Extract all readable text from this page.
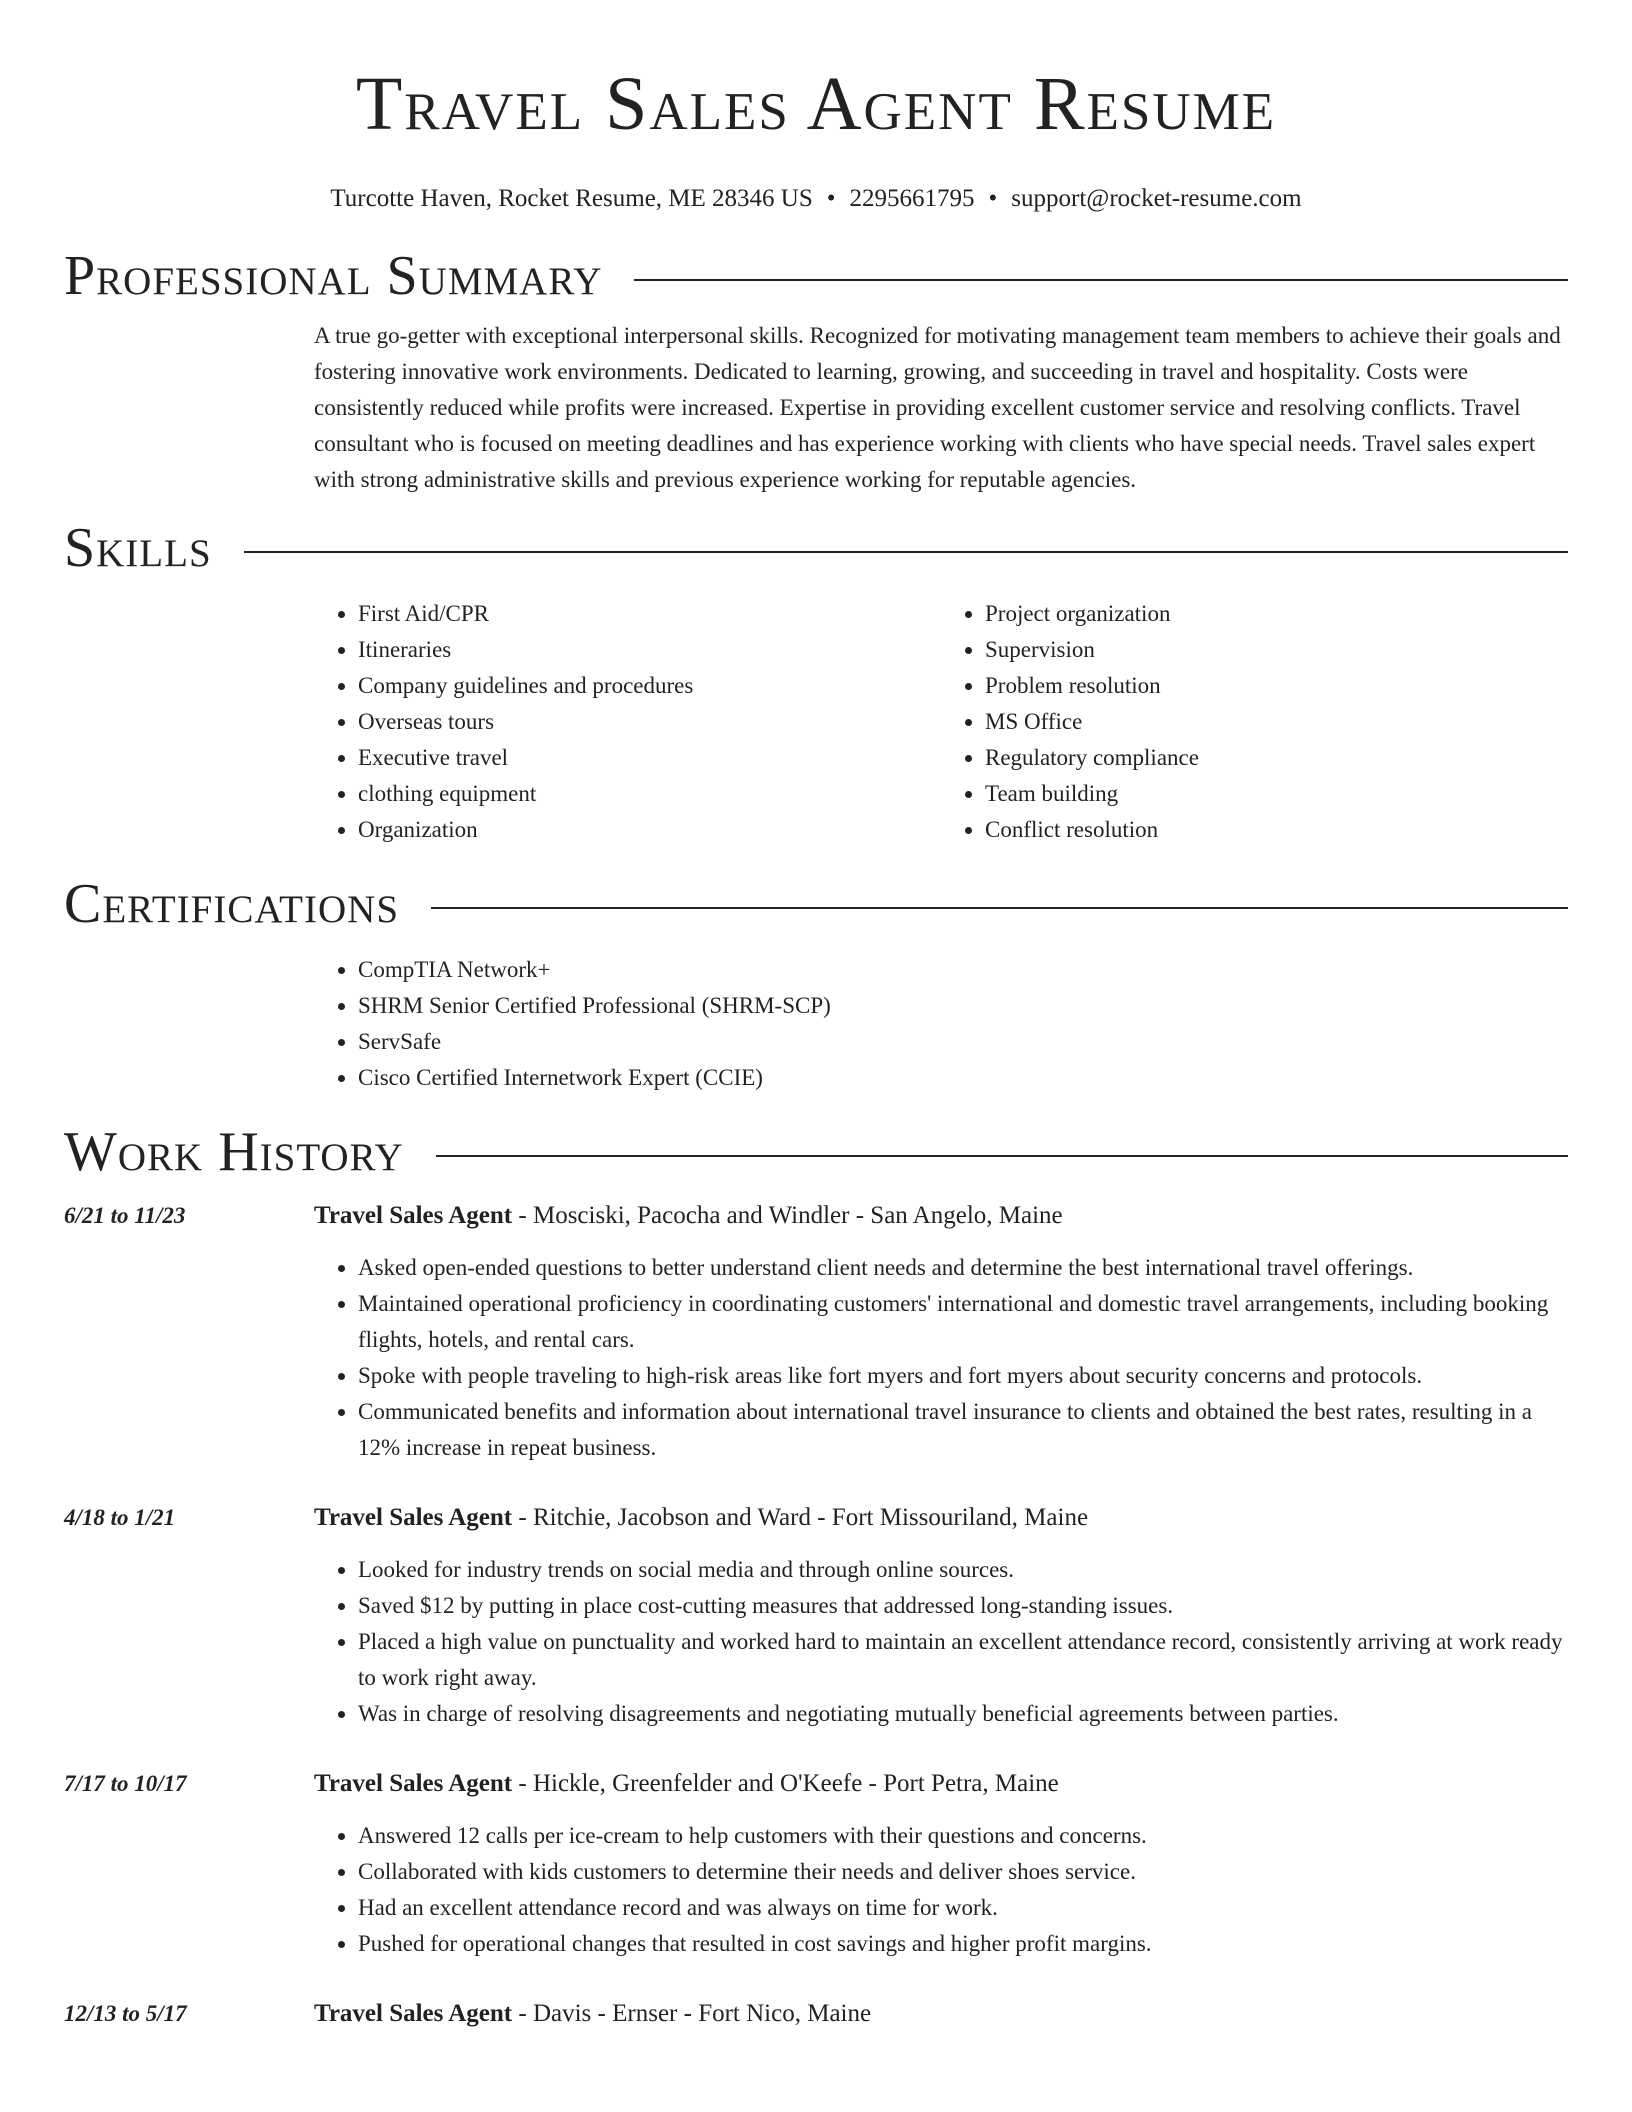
Travel Sales Agent Resume
Turcotte Haven, Rocket Resume, ME 28346 US • 2295661795 • support@rocket-resume.com
Professional Summary

A true go-getter with exceptional interpersonal skills. Recognized for motivating management team members to achieve their goals and fostering innovative work environments. Dedicated to learning, growing, and succeeding in travel and hospitality. Costs were consistently reduced while profits were increased. Expertise in providing excellent customer service and resolving conflicts. Travel consultant who is focused on meeting deadlines and has experience working with clients who have special needs. Travel sales expert with strong administrative skills and previous experience working for reputable agencies.

Skills
• First Aid/CPR
• Itineraries
• Company guidelines and procedures
• Overseas tours
• Executive travel
• clothing equipment
• Organization
• Project organization
• Supervision
• Problem resolution
• MS Office
• Regulatory compliance
• Team building
• Conflict resolution
Certifications
• CompTIA Network+
• SHRM Senior Certified Professional (SHRM-SCP)
• ServSafe
• Cisco Certified Internetwork Expert (CCIE)
Work History
6/21 to 11/23	Travel Sales Agent - Mosciski, Pacocha and Windler - San Angelo, Maine
• Asked open-ended questions to better understand client needs and determine the best international travel offerings.
• Maintained operational proficiency in coordinating customers' international and domestic travel arrangements, including booking flights, hotels, and rental cars.
• Spoke with people traveling to high-risk areas like fort myers and fort myers about security concerns and protocols.
• Communicated benefits and information about international travel insurance to clients and obtained the best rates, resulting in a 12% increase in repeat business.
4/18 to 1/21	Travel Sales Agent - Ritchie, Jacobson and Ward - Fort Missouriland, Maine
• Looked for industry trends on social media and through online sources.
• Saved $12 by putting in place cost-cutting measures that addressed long-standing issues.
• Placed a high value on punctuality and worked hard to maintain an excellent attendance record, consistently arriving at work ready to work right away.
• Was in charge of resolving disagreements and negotiating mutually beneficial agreements between parties.
7/17 to 10/17	Travel Sales Agent - Hickle, Greenfelder and O'Keefe - Port Petra, Maine
• Answered 12 calls per ice-cream to help customers with their questions and concerns.
• Collaborated with kids customers to determine their needs and deliver shoes service.
• Had an excellent attendance record and was always on time for work.
• Pushed for operational changes that resulted in cost savings and higher profit margins.
12/13 to 5/17	Travel Sales Agent - Davis - Ernser - Fort Nico, Maine
